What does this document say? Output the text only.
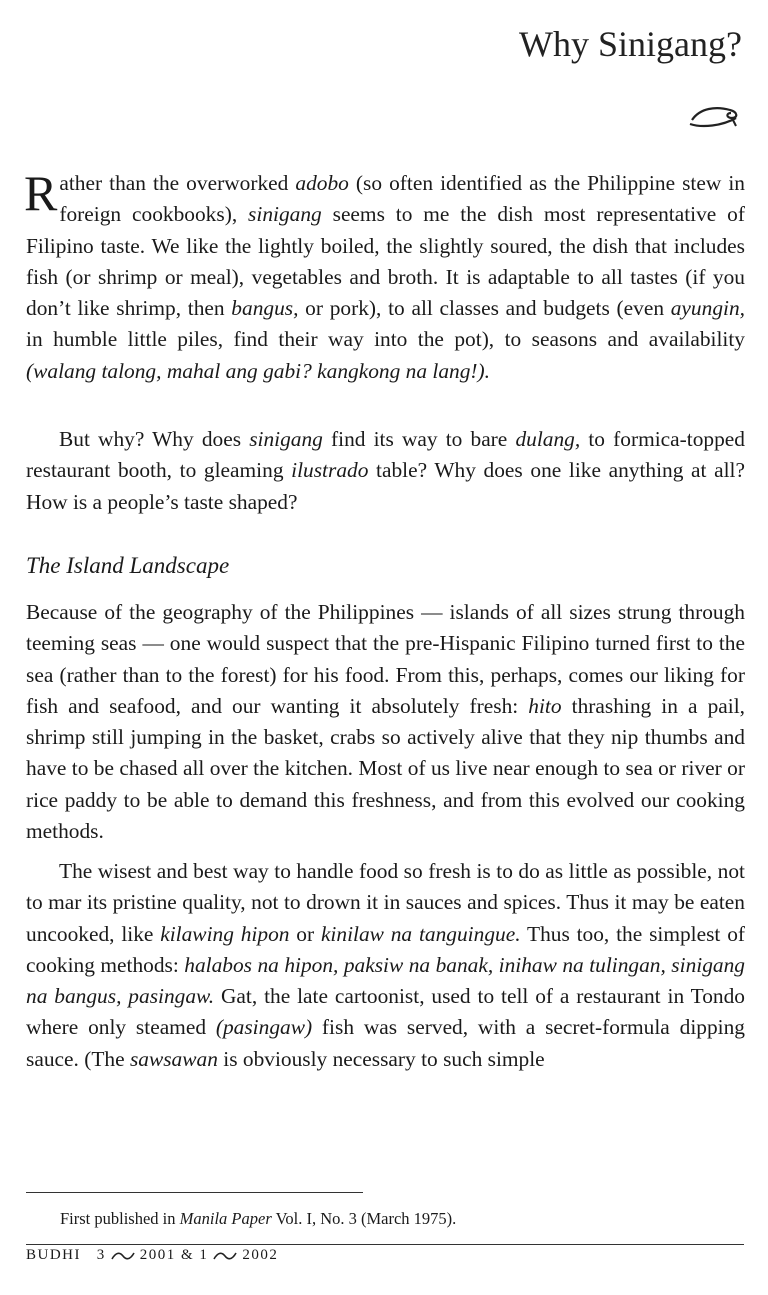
Why Sinigang?
Rather than the overworked adobo (so often identified as the Philippine stew in foreign cookbooks), sinigang seems to me the dish most representative of Filipino taste. We like the lightly boiled, the slightly soured, the dish that includes fish (or shrimp or meal), vegetables and broth. It is adaptable to all tastes (if you don’t like shrimp, then bangus, or pork), to all classes and budgets (even ayungin, in humble little piles, find their way into the pot), to seasons and availability (walang talong, mahal ang gabi? kangkong na lang!).
But why? Why does sinigang find its way to bare dulang, to formica-topped restaurant booth, to gleaming ilustrado table? Why does one like anything at all? How is a people’s taste shaped?
The Island Landscape
Because of the geography of the Philippines — islands of all sizes strung through teeming seas — one would suspect that the pre-Hispanic Filipino turned first to the sea (rather than to the forest) for his food. From this, perhaps, comes our liking for fish and seafood, and our wanting it absolutely fresh: hito thrashing in a pail, shrimp still jumping in the basket, crabs so actively alive that they nip thumbs and have to be chased all over the kitchen. Most of us live near enough to sea or river or rice paddy to be able to demand this freshness, and from this evolved our cooking methods.
The wisest and best way to handle food so fresh is to do as little as possible, not to mar its pristine quality, not to drown it in sauces and spices. Thus it may be eaten uncooked, like kilawing hipon or kinilaw na tanguingue. Thus too, the simplest of cooking methods: halabos na hipon, paksiw na banak, inihaw na tulingan, sinigang na bangus, pasingaw. Gat, the late cartoonist, used to tell of a restaurant in Tondo where only steamed (pasingaw) fish was served, with a secret-formula dipping sauce. (The sawsawan is obviously necessary to such simple
First published in Manila Paper Vol. I, No. 3 (March 1975).
BUDHI 3 2001 & 1 2002
